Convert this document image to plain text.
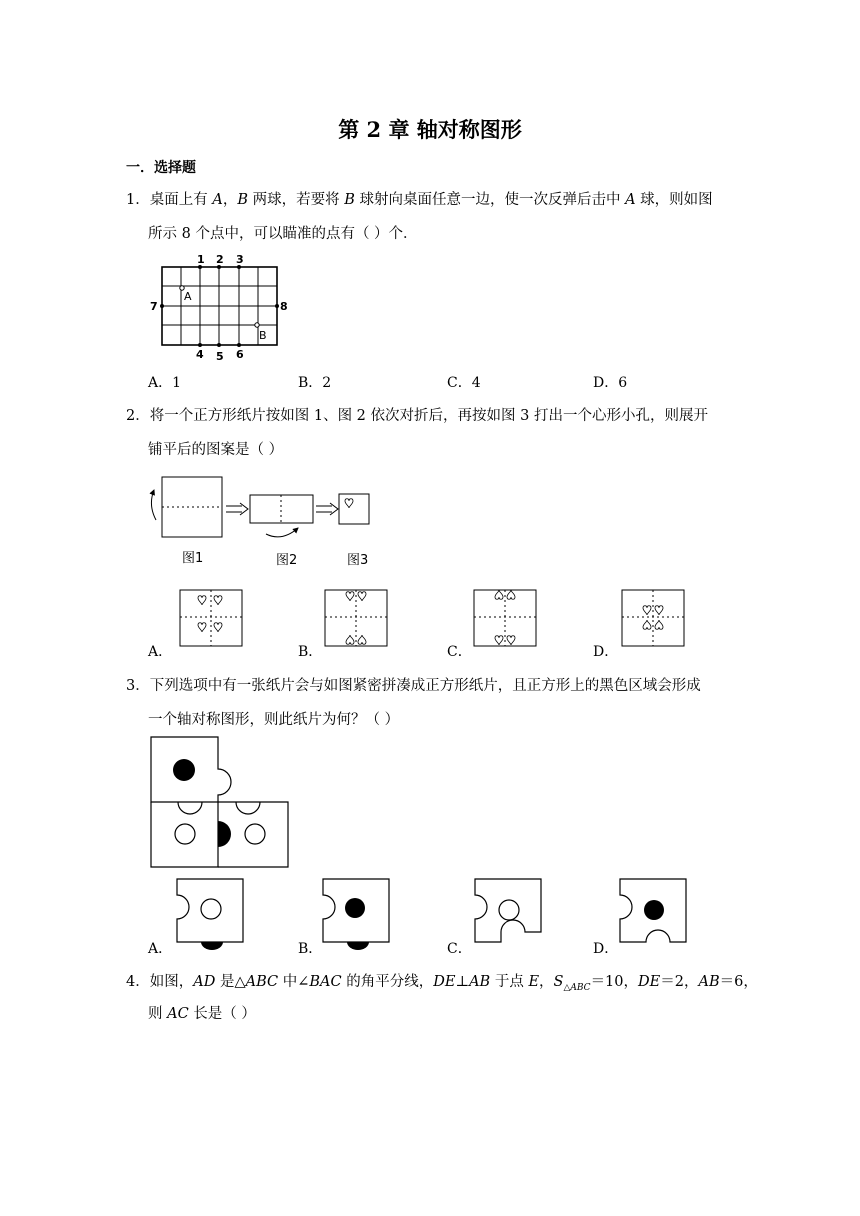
第 2 章 轴对称图形
一．选择题
1．桌面上有 A，B 两球，若要将 B 球射向桌面任意一边，使一次反弹后击中 A 球，则如图
所示 8 个点中，可以瞄准的点有（ ）个．
1 2 3
4 5 6
7	8
A
B
A．1	B．2	C．4	D．6
2．将一个正方形纸片按如图 1、图 2 依次对折后，再按如图 3 打出一个心形小孔，则展开
铺平后的图案是（ ）
图1	图2	图3
A．	B．	C．	D．
3．下列选项中有一张纸片会与如图紧密拼凑成正方形纸片，且正方形上的黑色区域会形成
一个轴对称图形，则此纸片为何？（ ）
A．	B．	C．	D．
4．如图，AD 是△ABC 中∠BAC 的角平分线，DE⊥AB 于点 E，$S_{\triangle ABC}=10$，DE＝2，AB＝6，
则 AC 长是（ ）
